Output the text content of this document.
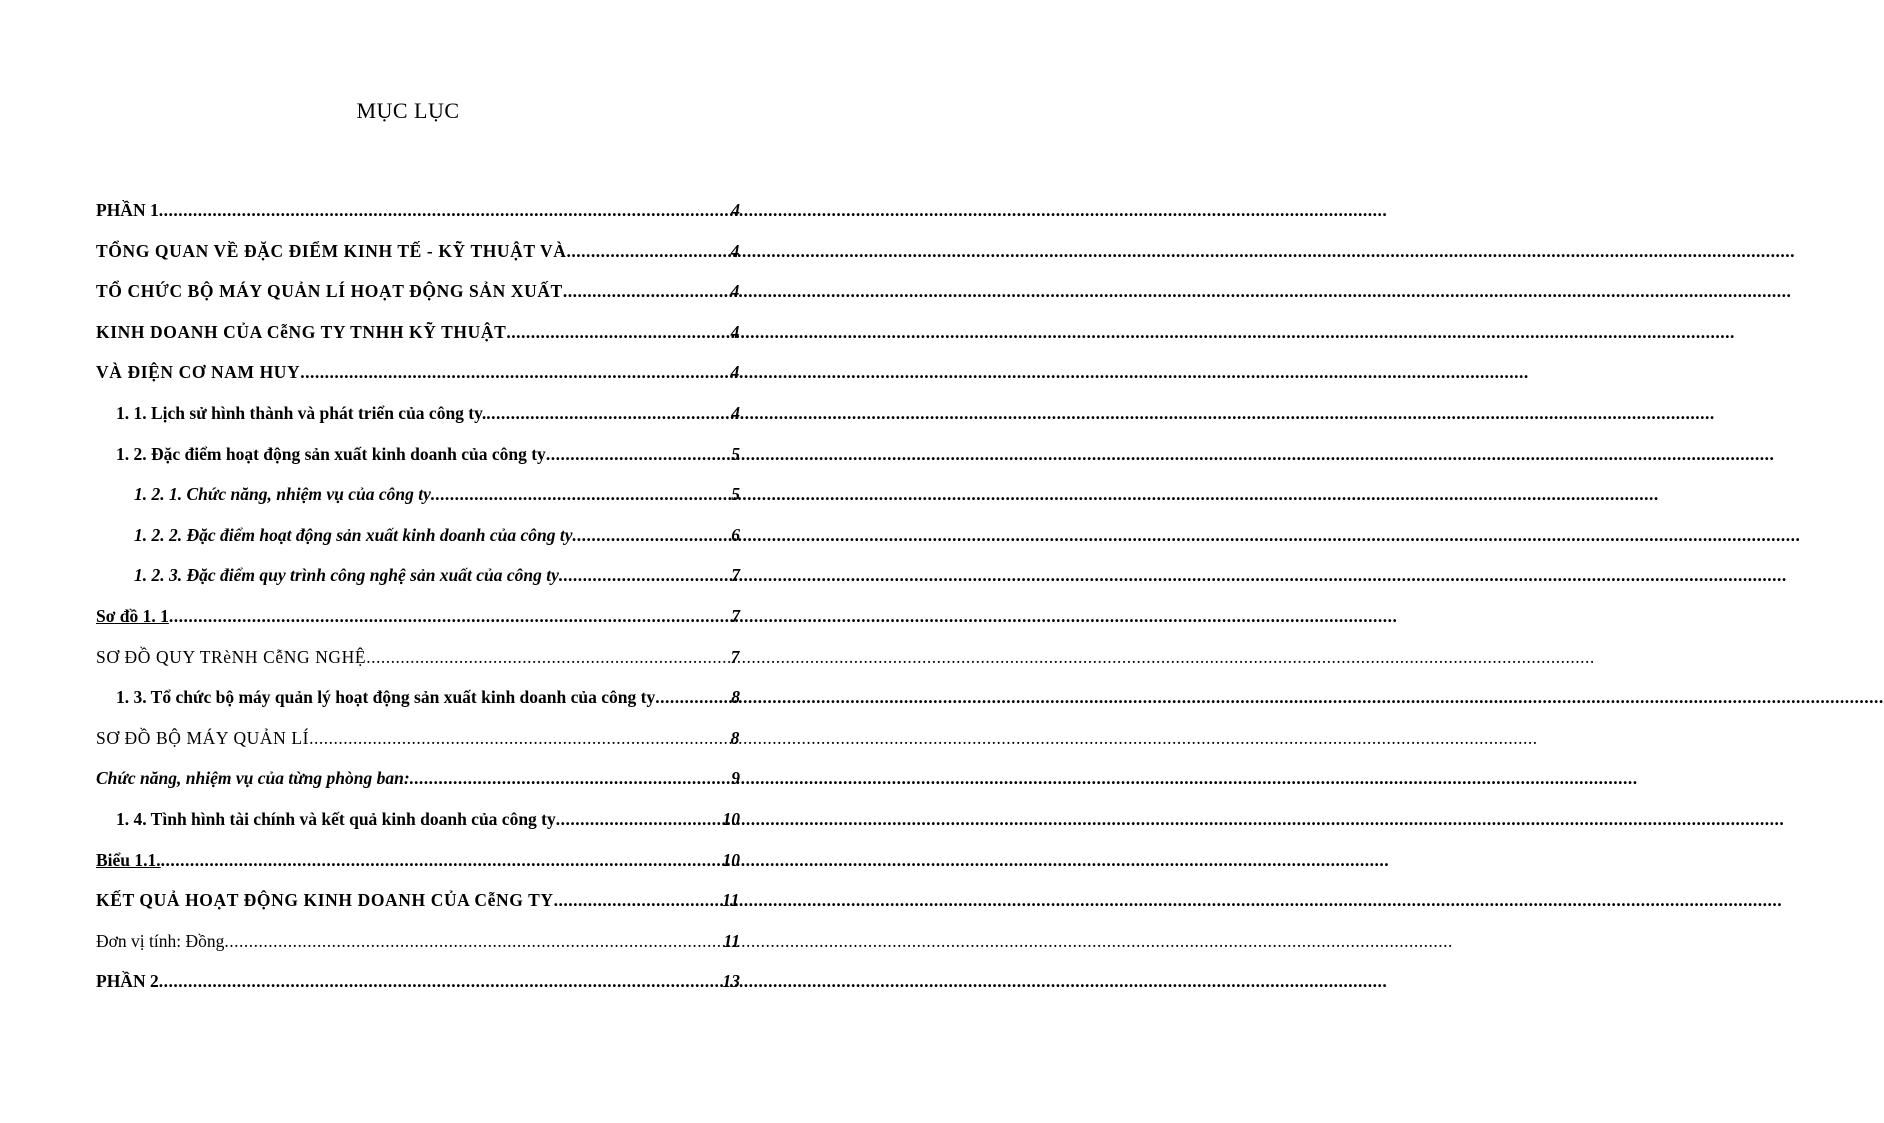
MỤC LỤC
PHẦN 1 .....	4
TỔNG QUAN VỀ ĐẶC ĐIỂM KINH TẾ - KỸ THUẬT VÀ .....	4
TỔ CHỨC BỘ MÁY QUẢN LÍ HOẠT ĐỘNG SẢN XUẤT .....	4
KINH DOANH CỦA CễNG TY TNHH KỸ THUẬT .....	4
VÀ ĐIỆN CƠ NAM HUY .....	4
1. 1. Lịch sử hình thành và phát triển của công ty. .....	4
1. 2. Đặc điểm hoạt động sản xuất kinh doanh của công ty .....	5
1. 2. 1. Chức năng, nhiệm vụ của công ty .....	5
1. 2. 2. Đặc điểm hoạt động sản xuất kinh doanh của công ty .....	6
1. 2. 3. Đặc điểm quy trình công nghệ sản xuất của công ty .....	7
Sơ đồ 1. 1 .....	7
SƠ ĐỒ QUY TRèNH CễNG NGHỆ .....	7
1. 3. Tổ chức bộ máy quản lý hoạt động sản xuất kinh doanh của công ty .....	8
SƠ ĐỒ BỘ MÁY QUẢN LÍ .....	8
Chức năng, nhiệm vụ của từng phòng ban: .....	9
1. 4. Tình hình tài chính và kết quả kinh doanh của công ty .....	10
Biểu 1.1. .....	10
KẾT QUẢ HOẠT ĐỘNG KINH DOANH CỦA CễNG TY .....	11
Đơn vị tính: Đồng .....	11
PHẦN 2 .....	13
